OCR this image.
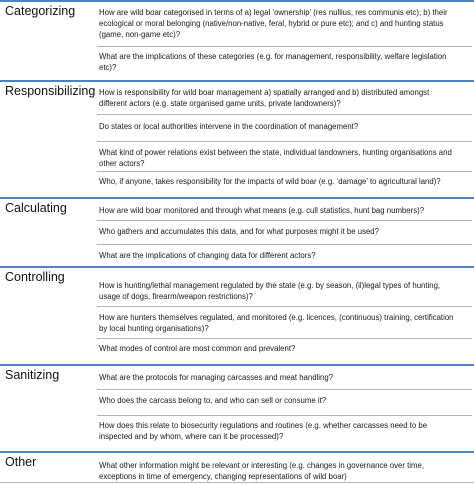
Categorizing	How are wild boar categorised in terms of a) legal ‘ownership’ (res nullius, res communis etc); b) their ecological or moral belonging (native/non-native, feral, hybrid or pure etc); and c) and hunting status (game, non-game etc)?
What are the implications of these categories (e.g. for management, responsibility, welfare legislation etc)?
Responsibilizing How is responsibility for wild boar management a) spatially arranged and b) distributed amongst different actors (e.g. state organised game units, private landowners)?
Do states or local authorities intervene in the coordination of management?
What kind of power relations exist between the state, individual landowners, hunting organisations and other actors?
Who, if anyone, takes responsibility for the impacts of wild boar (e.g. ‘damage’ to agricultural land)?
Calculating	How are wild boar monitored and through what means (e.g. cull statistics, hunt bag numbers)?
Who gathers and accumulates this data, and for what purposes might it be used?
What are the implications of changing data for different actors?
Controlling
How is hunting/lethal management regulated by the state (e.g. by season, (il)legal types of hunting, usage of dogs, firearm/weapon restrictions)?
How are hunters themselves regulated, and monitored (e.g. licences, (continuous) training, certification by local hunting organisations)?
What modes of control are most common and prevalent?
Sanitizing	What are the protocols for managing carcasses and meat handling?
Who does the carcass belong to, and who can sell or consume it?
How does this relate to biosecurity regulations and routines (e.g. whether carcasses need to be inspected and by whom, where can it be processed)?
Other	What other information might be relevant or interesting (e.g. changes in governance over time, exceptions in time of emergency, changing representations of wild boar)
